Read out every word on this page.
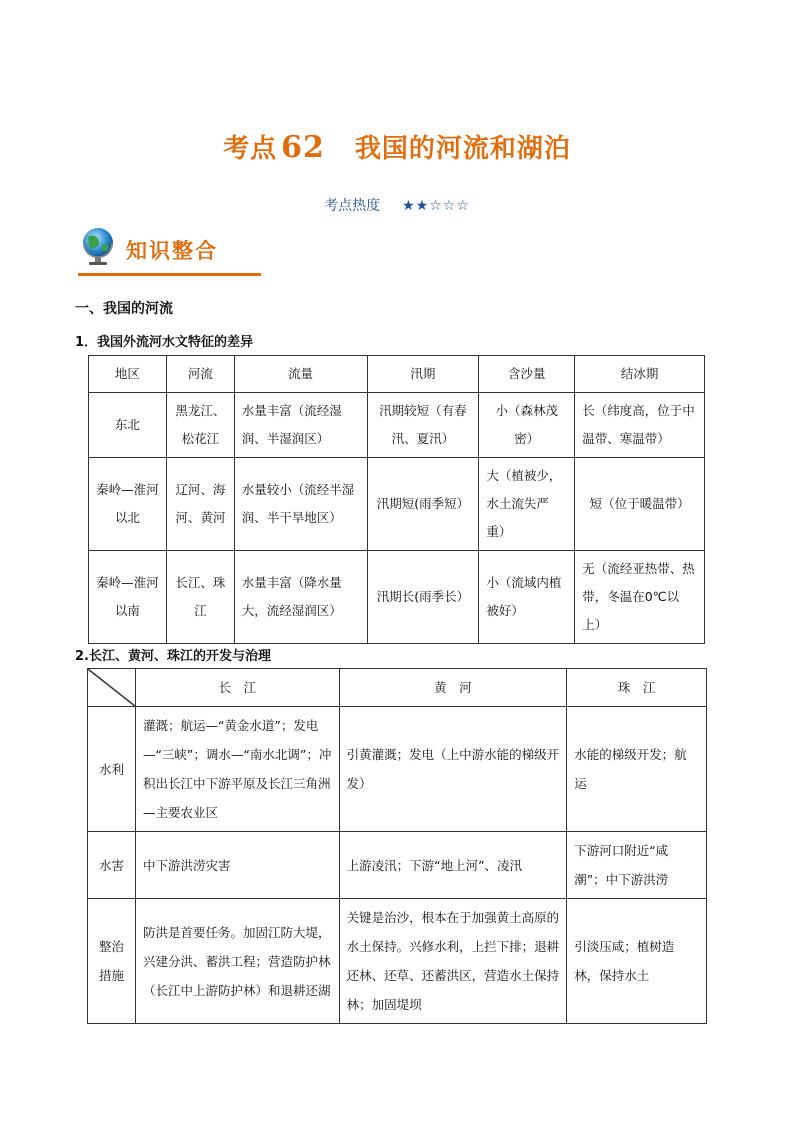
考点 62 我国的河流和湖泊
考点热度 ★★☆☆☆
知识整合
一、我国的河流
1．我国外流河水文特征的差异
地区	河流	流量	汛期	含沙量	结冰期
东北	黑龙江、松花江	水量丰富（流经湿润、半湿润区）	汛期较短（有春汛、夏汛）	小（森林茂密）	长（纬度高，位于中温带、寒温带）
秦岭—淮河以北	辽河、海河、黄河	水量较小（流经半湿润、半干旱地区）	汛期短(雨季短）	大（植被少，水土流失严重）	短（位于暖温带）
秦岭—淮河以南	长江、珠江	水量丰富（降水量大，流经湿润区）	汛期长(雨季长）	小（流域内植被好）	无（流经亚热带、热带，冬温在0℃以上）
2.长江、黄河、珠江的开发与治理
	长　江	黄　河	珠　江
水利	灌溉；航运—“黄金水道”；发电—“三峡”；调水—“南水北调”；冲积出长江中下游平原及长江三角洲—主要农业区	引黄灌溉；发电（上中游水能的梯级开发）	水能的梯级开发；航运
水害	中下游洪涝灾害	上游凌汛；下游“地上河”、凌汛	下游河口附近“咸潮”；中下游洪涝
整治措施	防洪是首要任务。加固江防大堤，兴建分洪、蓄洪工程；营造防护林（长江中上游防护林）和退耕还湖	关键是治沙，根本在于加强黄土高原的水土保持。兴修水利，上拦下排；退耕还林、还草、还蓄洪区，营造水土保持林；加固堤坝	引淡压咸；植树造林，保持水土
